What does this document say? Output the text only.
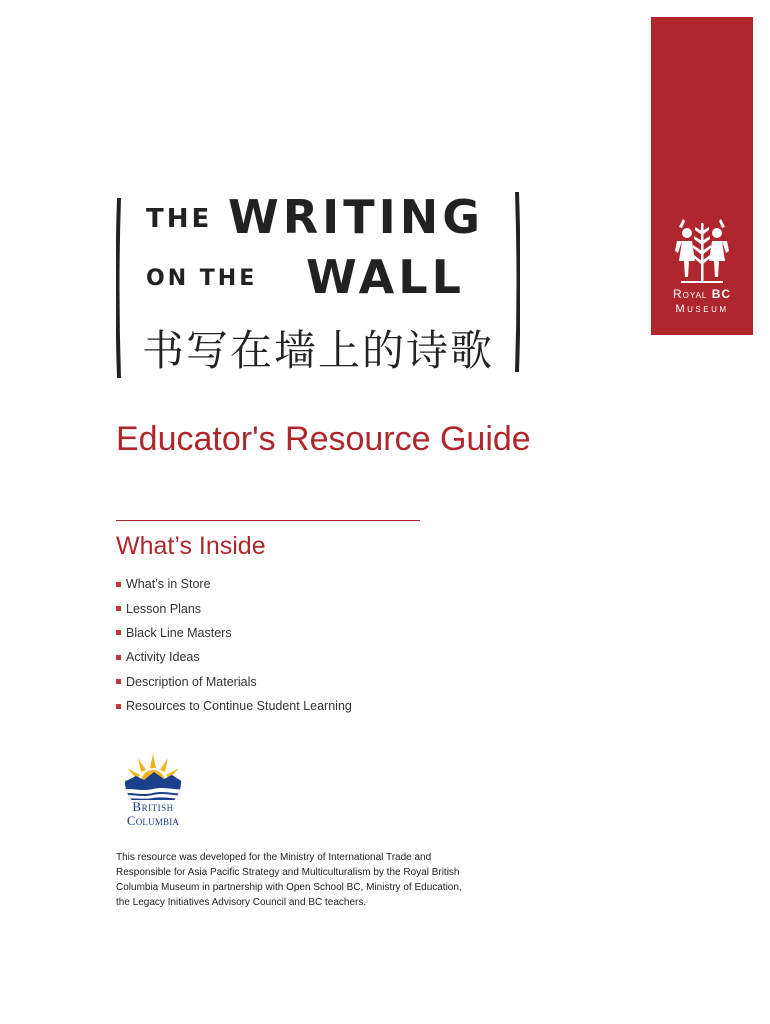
Royal BC
Museum
THE WRITING
ON THE WALL
书写在墙上的诗歌
Educator's Resource Guide
What’s Inside
What’s in Store
Lesson Plans
Black Line Masters
Activity Ideas
Description of Materials
Resources to Continue Student Learning
British
Columbia
This resource was developed for the Ministry of International Trade and
Responsible for Asia Pacific Strategy and Multiculturalism by the Royal British
Columbia Museum in partnership with Open School BC, Ministry of Education,
the Legacy Initiatives Advisory Council and BC teachers.
